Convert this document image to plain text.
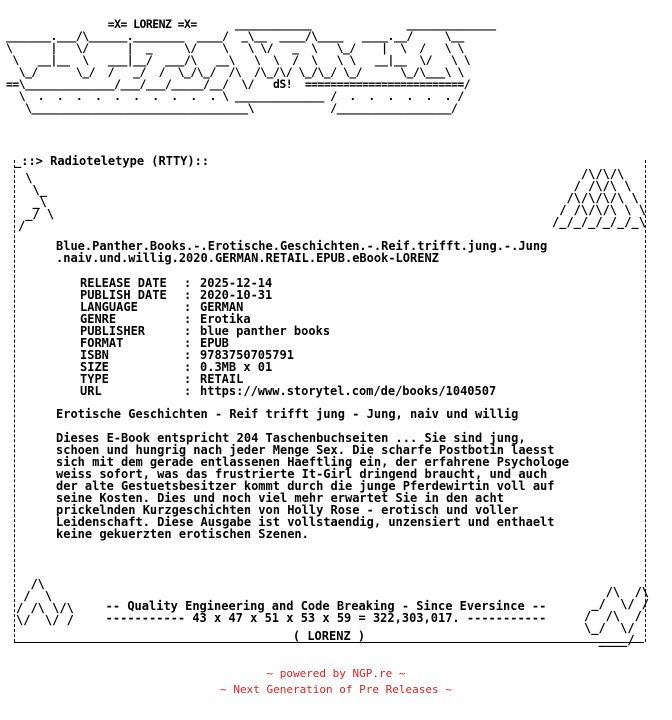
=X= LORENZ =X=      ____________               ______________
_______.___/\______.________  ____/  _\__  ____/\____   ____.__/     \__
\      |   \/      |  _     \/    \   \ \/   _  \   \_/    |  \  /   \ \
\   __|__  \   ___|__/  ___/\   __\   \  \  /  \   \ \   __|__  \/   \ \
\_/      \_/  /   _/  /  \_/\_/  /\  /\_/\/ \_/\_/ \_/      \_/\___\ \
==\______________/___/___/_____/__/  \/   dS!  =========================/
\  .  .  .  .  .  .  .  .  .  . \ ______________ /  .  .  .  .  .  . /
\__________________________________\            /__________________/
_::> Radioteletype (RTTY)::
\
\_
_\
_/ \
/
/\/\/\
/ /\/\ \
/\/\/\/\ \
/ /\/\/\ \ \
/_/_/_/_/_/_\
/\
/  \
/ /\ \/\
\/  \/ /
/\  /\
_/  \/ /
/  /\  /
\_/  \/
____/
Blue.Panther.Books.-.Erotische.Geschichten.-.Reif.trifft.jung.-.Jung
.naiv.und.willig.2020.GERMAN.RETAIL.EPUB.eBook-LORENZ
RELEASE DATE	: 2025-12-14
PUBLISH DATE	: 2020-10-31
LANGUAGE	: GERMAN
GENRE	: Erotika
PUBLISHER	: blue panther books
FORMAT	: EPUB
ISBN	: 9783750705791
SIZE	: 0.3MB x 01
TYPE	: RETAIL
URL	: https://www.storytel.com/de/books/1040507
Erotische Geschichten - Reif trifft jung - Jung, naiv und willig
Dieses E-Book entspricht 204 Taschenbuchseiten ... Sie sind jung,
schoen und hungrig nach jeder Menge Sex. Die scharfe Postbotin laesst
sich mit dem gerade entlassenen Haeftling ein, der erfahrene Psychologe
weiss sofort, was das frustrierte It-Girl dringend braucht, und auch
der alte Gestuetsbesitzer kommt durch die junge Pferdewirtin voll auf
seine Kosten. Dies und noch viel mehr erwartet Sie in den acht
prickelnden Kurzgeschichten von Holly Rose - erotisch und voller
Leidenschaft. Diese Ausgabe ist vollstaendig, unzensiert und enthaelt
keine gekuerzten erotischen Szenen.
-- Quality Engineering and Code Breaking - Since Eversince --
----------- 43 x 47 x 51 x 53 x 59 = 322,303,017. -----------
( LORENZ )
~ powered by NGP.re ~
~ Next Generation of Pre Releases ~
